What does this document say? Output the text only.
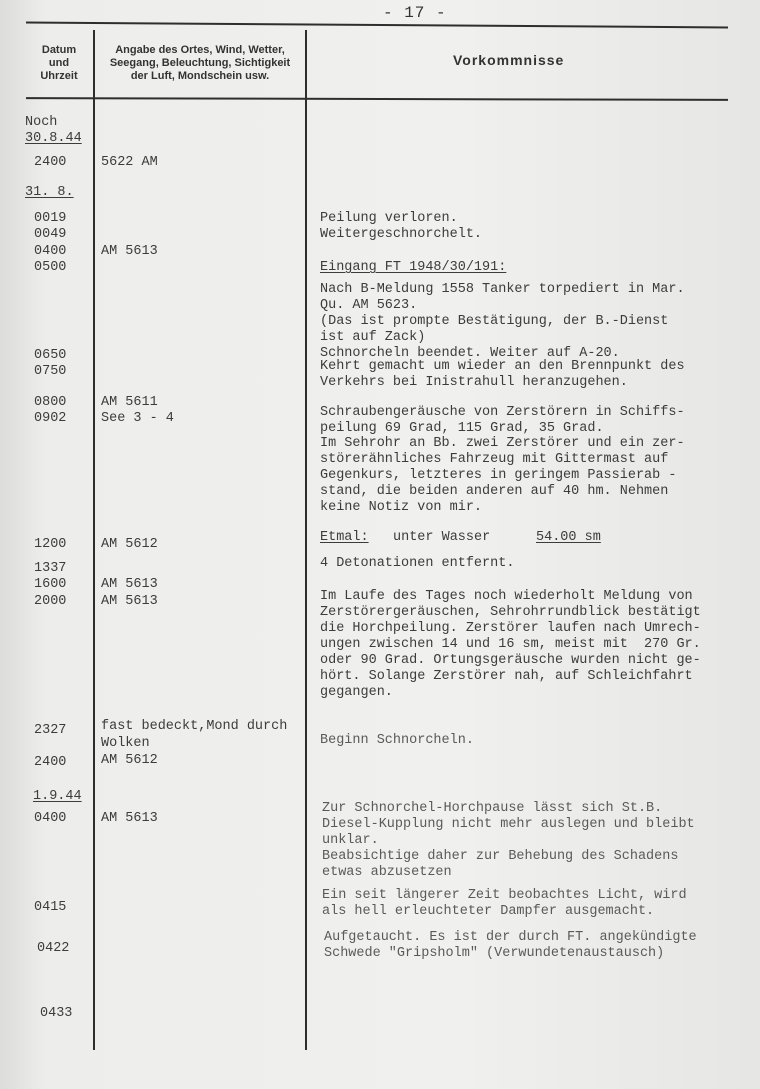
- 17 -
Datum
und
Uhrzeit
Angabe des Ortes, Wind, Wetter,
Seegang, Beleuchtung, Sichtigkeit
der Luft, Mondschein usw.
Vorkommnisse
Noch
30.8.44
31. 8.
1.9.44
2400
0019
0049
0400
0500
0650
0750
0800
0902
1200
1337
1600
2000
2327
2400
0400
0415
0422
0433
5622 AM
AM 5613
AM 5611
See 3 - 4
AM 5612
AM 5613
AM 5613
fast bedeckt,Mond durch
Wolken
AM 5612
AM 5613
Peilung verloren.
Weitergeschnorchelt.
Eingang FT 1948/30/191:
Nach B-Meldung 1558 Tanker torpediert in Mar.
Qu. AM 5623.
(Das ist prompte Bestätigung, der B.-Dienst
ist auf Zack)
Schnorcheln beendet. Weiter auf A-20.
Kehrt gemacht um wieder an den Brennpunkt des
Verkehrs bei Inistrahull heranzugehen.
Schraubengeräusche von Zerstörern in Schiffs-
peilung 69 Grad, 115 Grad, 35 Grad.
Im Sehrohr an Bb. zwei Zerstörer und ein zer-
störerähnliches Fahrzeug mit Gittermast auf
Gegenkurs, letzteres in geringem Passierab -
stand, die beiden anderen auf 40 hm. Nehmen
keine Notiz von mir.
Etmal: unter Wasser	54.00 sm
4 Detonationen entfernt.
Im Laufe des Tages noch wiederholt Meldung von
Zerstörergeräuschen, Sehrohrrundblick bestätigt
die Horchpeilung. Zerstörer laufen nach Umrech-
ungen zwischen 14 und 16 sm, meist mit  270 Gr.
oder 90 Grad. Ortungsgeräusche wurden nicht ge-
hört. Solange Zerstörer nah, auf Schleichfahrt
gegangen.
Beginn Schnorcheln.
Zur Schnorchel-Horchpause lässt sich St.B.
Diesel-Kupplung nicht mehr auslegen und bleibt
unklar.
Beabsichtige daher zur Behebung des Schadens
etwas abzusetzen
Ein seit längerer Zeit beobachtes Licht, wird
als hell erleuchteter Dampfer ausgemacht.
Aufgetaucht. Es ist der durch FT. angekündigte
Schwede "Gripsholm" (Verwundetenaustausch)
